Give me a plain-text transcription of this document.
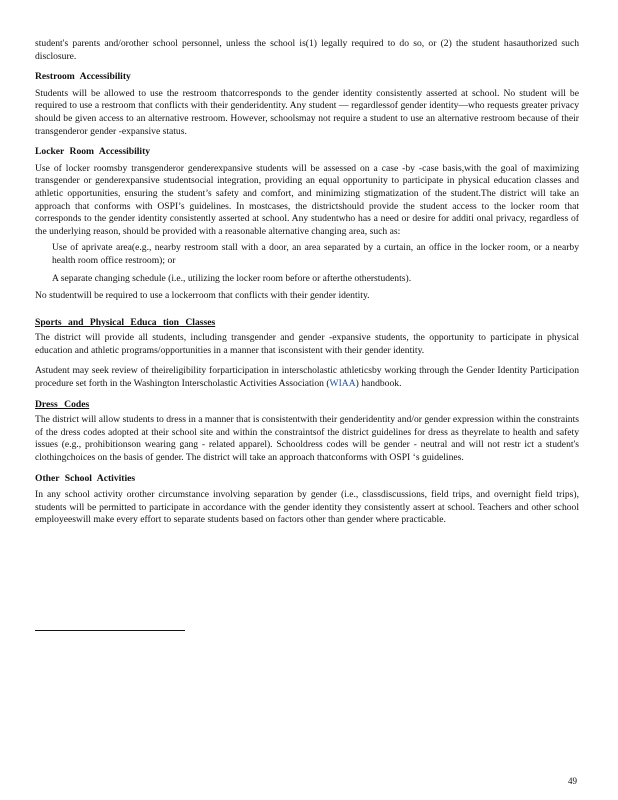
student's parents and/orother school personnel, unless the school is(1) legally required to do so, or (2) the student hasauthorized such disclosure.

Restroom Accessibility

Students will be allowed to use the restroom thatcorresponds to the gender identity consistently asserted at school. No student will be required to use a restroom that conflicts with their genderidentity. Any student — regardlessof gender identity—who requests greater privacy should be given access to an alternative restroom. However, schoolsmay not require a student to use an alternative restroom because of their transgenderor gender -expansive status.

Locker Room Accessibility

Use of locker roomsby transgenderor genderexpansive students will be assessed on a case -by -case basis,with the goal of maximizing transgender or genderexpansive studentsocial integration, providing an equal opportunity to participate in physical education classes and athletic opportunities, ensuring the student’s safety and comfort, and minimizing stigmatization of the student.The district will take an approach that conforms with OSPI’s guidelines. In mostcases, the districtshould provide the student access to the locker room that corresponds to the gender identity consistently asserted at school. Any studentwho has a need or desire for additi onal privacy, regardless of the underlying reason, should be provided with a reasonable alternative changing area, such as:

Use of aprivate area(e.g., nearby restroom stall with a door, an area separated by a curtain, an office in the locker room, or a nearby health room office restroom); or
A separate changing schedule (i.e., utilizing the locker room before or afterthe otherstudents).

No studentwill be required to use a lockerroom that conflicts with their gender identity.

Sports and Physical Educa tion Classes

The district will provide all students, including transgender and gender -expansive students, the opportunity to participate in physical education and athletic programs/opportunities in a manner that isconsistent with their gender identity.

Astudent may seek review of theireligibility forparticipation in interscholastic athleticsby working through the Gender Identity Participation procedure set forth in the Washington Interscholastic Activities Association (WIAA) handbook.

Dress Codes

The district will allow students to dress in a manner that is consistentwith their genderidentity and/or gender expression within the constraints of the dress codes adopted at their school site and within the constraintsof the district guidelines for dress as theyrelate to health and safety issues (e.g., prohibitionson wearing gang - related apparel). Schooldress codes will be gender - neutral and will not restr ict a student's clothingchoices on the basis of gender. The district will take an approach thatconforms with OSPI ‘s guidelines.

Other School Activities

In any school activity orother circumstance involving separation by gender (i.e., classdiscussions, field trips, and overnight field trips), students will be permitted to participate in accordance with the gender identity they consistently assert at school. Teachers and other school employeeswill make every effort to separate students based on factors other than gender where practicable.

49
